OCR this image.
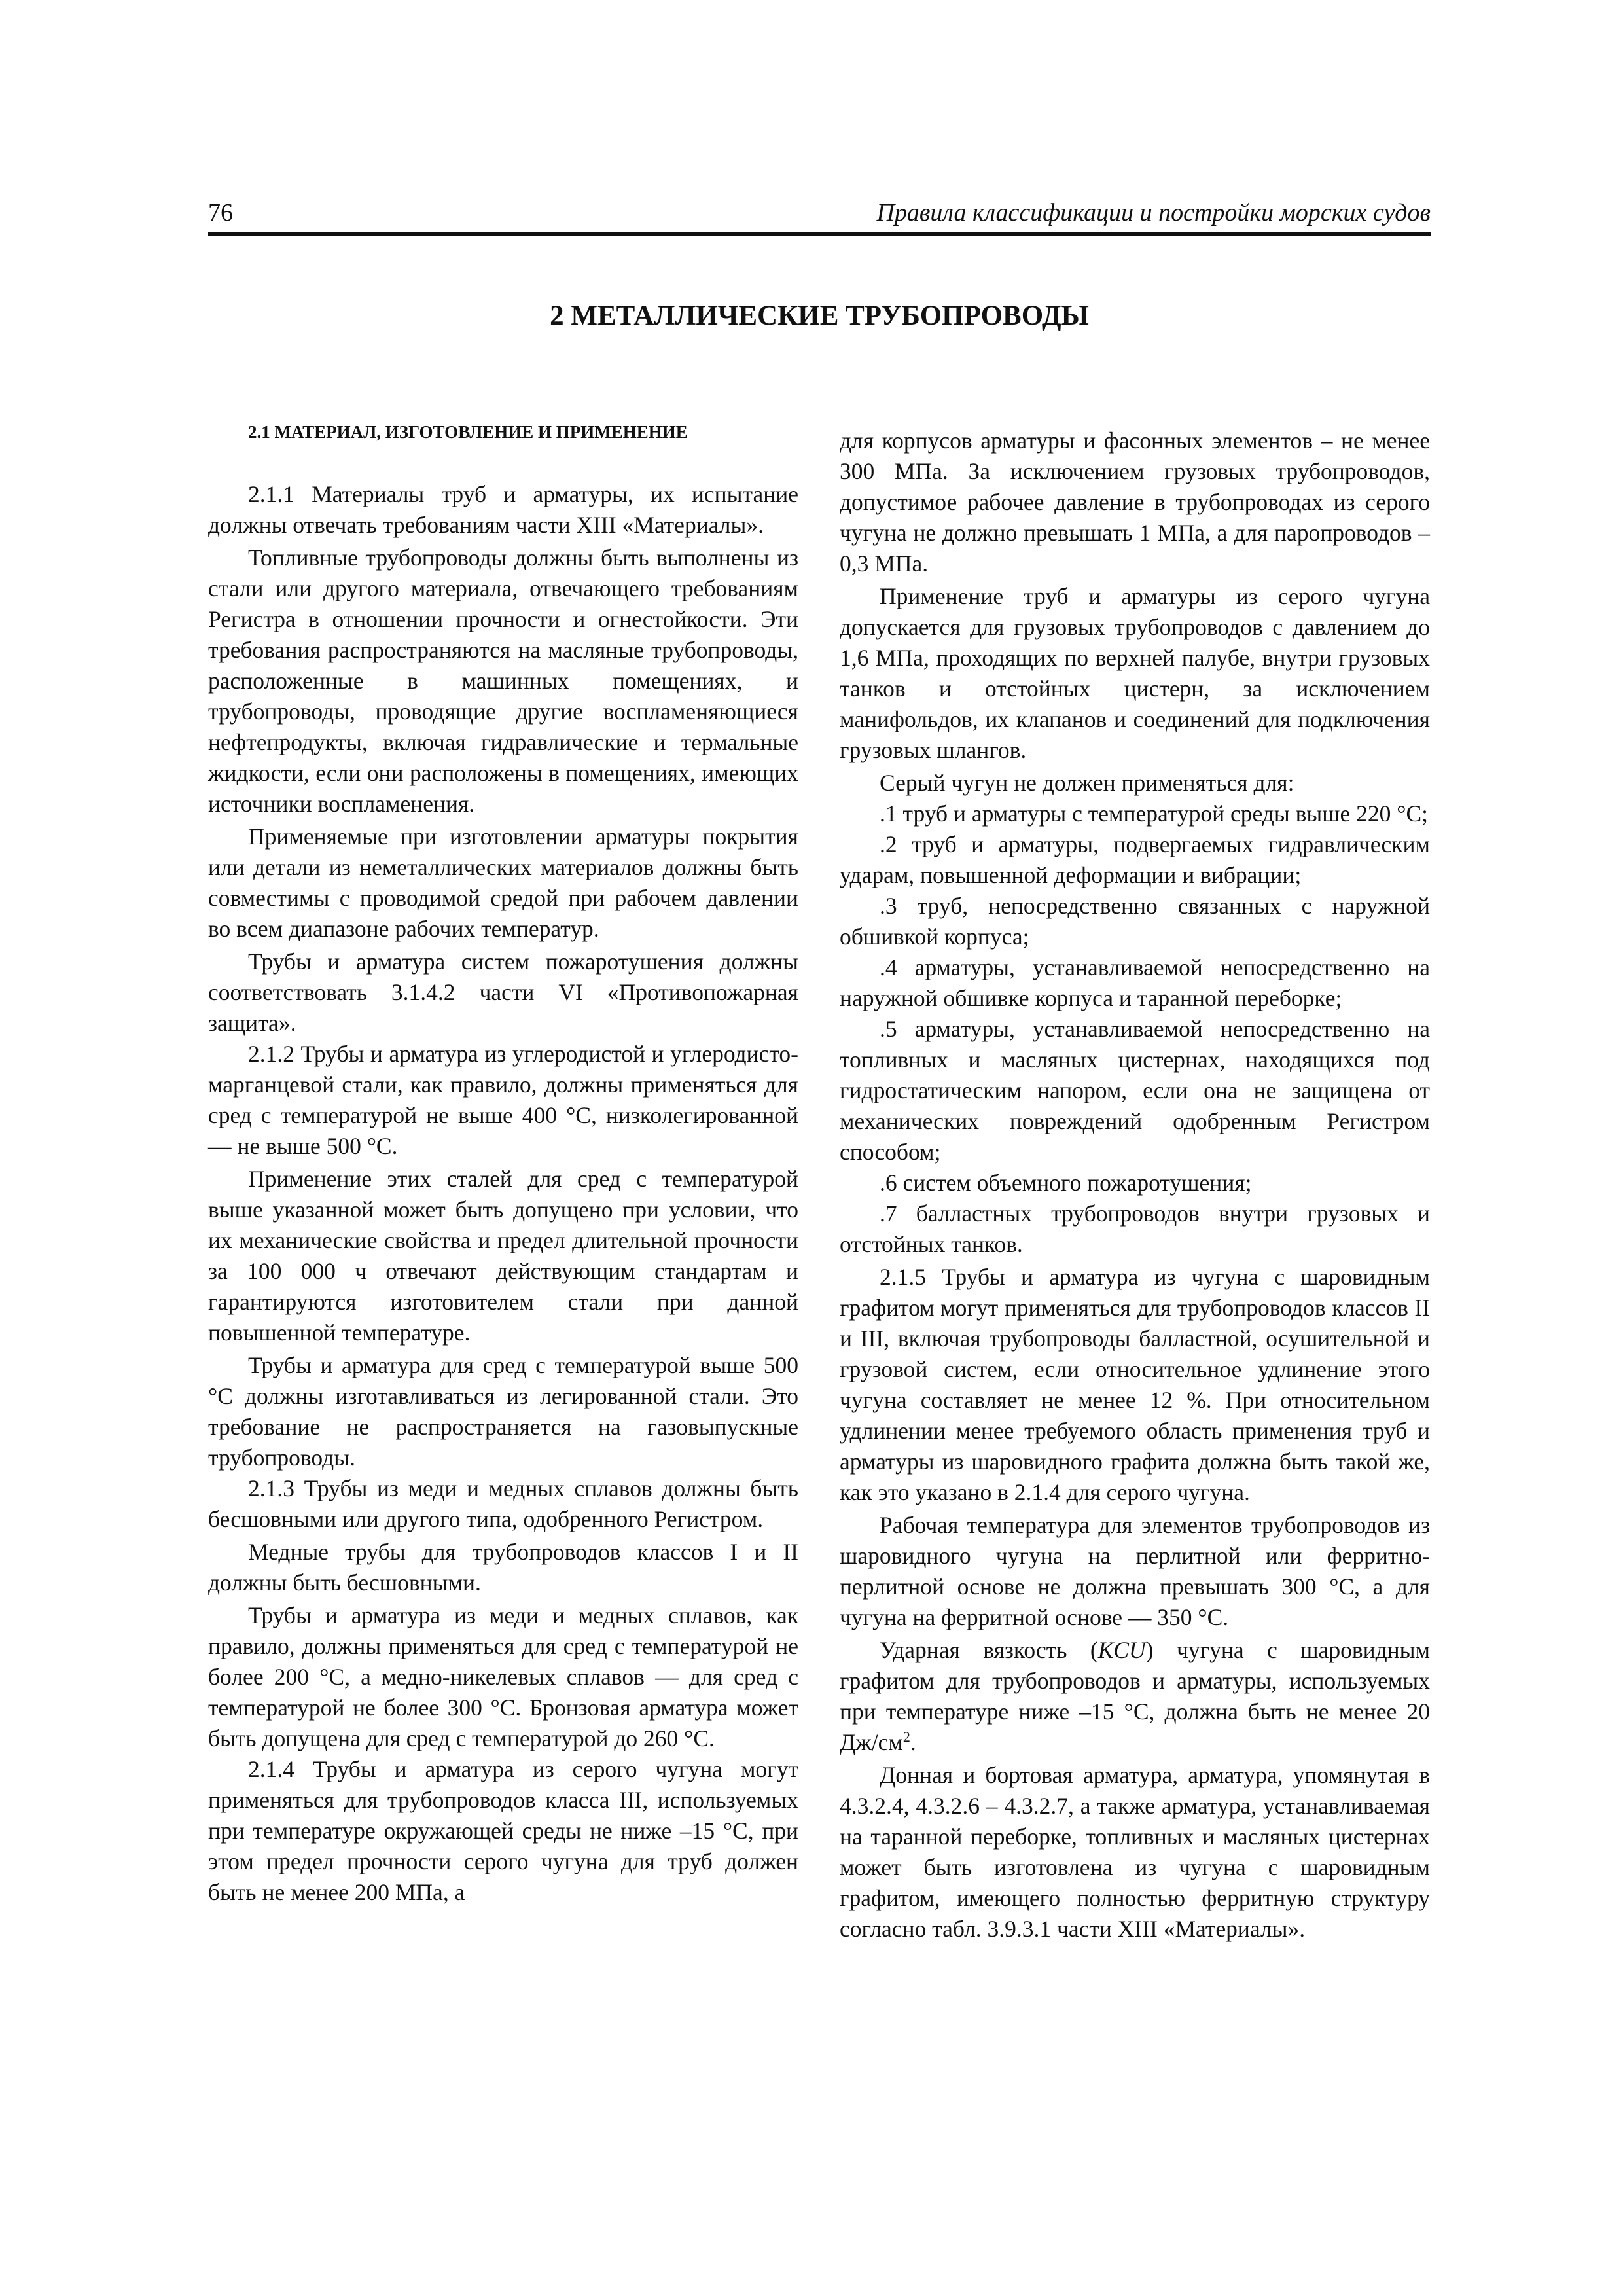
76	Правила классификации и постройки морских судов
2 МЕТАЛЛИЧЕСКИЕ ТРУБОПРОВОДЫ
2.1 МАТЕРИАЛ, ИЗГОТОВЛЕНИЕ И ПРИМЕНЕНИЕ

2.1.1 Материалы труб и арматуры, их испытание должны отвечать требованиям части XIII «Материалы».

Топливные трубопроводы должны быть выполнены из стали или другого материала, отвечающего требованиям Регистра в отношении прочности и огнестойкости. Эти требования распространяются на масляные трубопроводы, расположенные в машинных помещениях, и трубопроводы, проводящие другие воспламеняющиеся нефтепродукты, включая гидравлические и термальные жидкости, если они расположены в помещениях, имеющих источники воспламенения.

Применяемые при изготовлении арматуры покрытия или детали из неметаллических материалов должны быть совместимы с проводимой средой при рабочем давлении во всем диапазоне рабочих температур.

Трубы и арматура систем пожаротушения должны соответствовать 3.1.4.2 части VI «Противопожарная защита».

2.1.2 Трубы и арматура из углеродистой и углеродисто-марганцевой стали, как правило, должны применяться для сред с температурой не выше 400 °С, низколегированной — не выше 500 °С.

Применение этих сталей для сред с температурой выше указанной может быть допущено при условии, что их механические свойства и предел длительной прочности за 100 000 ч отвечают действующим стандартам и гарантируются изготовителем стали при данной повышенной температуре.

Трубы и арматура для сред с температурой выше 500 °С должны изготавливаться из легированной стали. Это требование не распространяется на газовыпускные трубопроводы.

2.1.3 Трубы из меди и медных сплавов должны быть бесшовными или другого типа, одобренного Регистром.

Медные трубы для трубопроводов классов I и II должны быть бесшовными.

Трубы и арматура из меди и медных сплавов, как правило, должны применяться для сред с температурой не более 200 °С, а медно-никелевых сплавов — для сред с температурой не более 300 °С. Бронзовая арматура может быть допущена для сред с температурой до 260 °С.

2.1.4 Трубы и арматура из серого чугуна могут применяться для трубопроводов класса III, используемых при температуре окружающей среды не ниже –15 °С, при этом предел прочности серого чугуна для труб должен быть не менее 200 МПа, а

для корпусов арматуры и фасонных элементов – не менее 300 МПа. За исключением грузовых трубопроводов, допустимое рабочее давление в трубопроводах из серого чугуна не должно превышать 1 МПа, а для паропроводов – 0,3 МПа.

Применение труб и арматуры из серого чугуна допускается для грузовых трубопроводов с давлением до 1,6 МПа, проходящих по верхней палубе, внутри грузовых танков и отстойных цистерн, за исключением манифольдов, их клапанов и соединений для подключения грузовых шлангов.

Серый чугун не должен применяться для:

.1 труб и арматуры с температурой среды выше 220 °С;

.2 труб и арматуры, подвергаемых гидравлическим ударам, повышенной деформации и вибрации;

.3 труб, непосредственно связанных с наружной обшивкой корпуса;

.4 арматуры, устанавливаемой непосредственно на наружной обшивке корпуса и таранной переборке;

.5 арматуры, устанавливаемой непосредственно на топливных и масляных цистернах, находящихся под гидростатическим напором, если она не защищена от механических повреждений одобренным Регистром способом;

.6 систем объемного пожаротушения;

.7 балластных трубопроводов внутри грузовых и отстойных танков.

2.1.5 Трубы и арматура из чугуна с шаровидным графитом могут применяться для трубопроводов классов II и III, включая трубопроводы балластной, осушительной и грузовой систем, если относительное удлинение этого чугуна составляет не менее 12 %. При относительном удлинении менее требуемого область применения труб и арматуры из шаровидного графита должна быть такой же, как это указано в 2.1.4 для серого чугуна.

Рабочая температура для элементов трубопроводов из шаровидного чугуна на перлитной или ферритно-перлитной основе не должна превышать 300 °С, а для чугуна на ферритной основе — 350 °С.

Ударная вязкость (KCU) чугуна с шаровидным графитом для трубопроводов и арматуры, используемых при температуре ниже –15 °С, должна быть не менее 20 $Дж/см^2$.

Донная и бортовая арматура, арматура, упомянутая в 4.3.2.4, 4.3.2.6 – 4.3.2.7, а также арматура, устанавливаемая на таранной переборке, топливных и масляных цистернах может быть изготовлена из чугуна с шаровидным графитом, имеющего полностью ферритную структуру согласно табл. 3.9.3.1 части XIII «Материалы».
